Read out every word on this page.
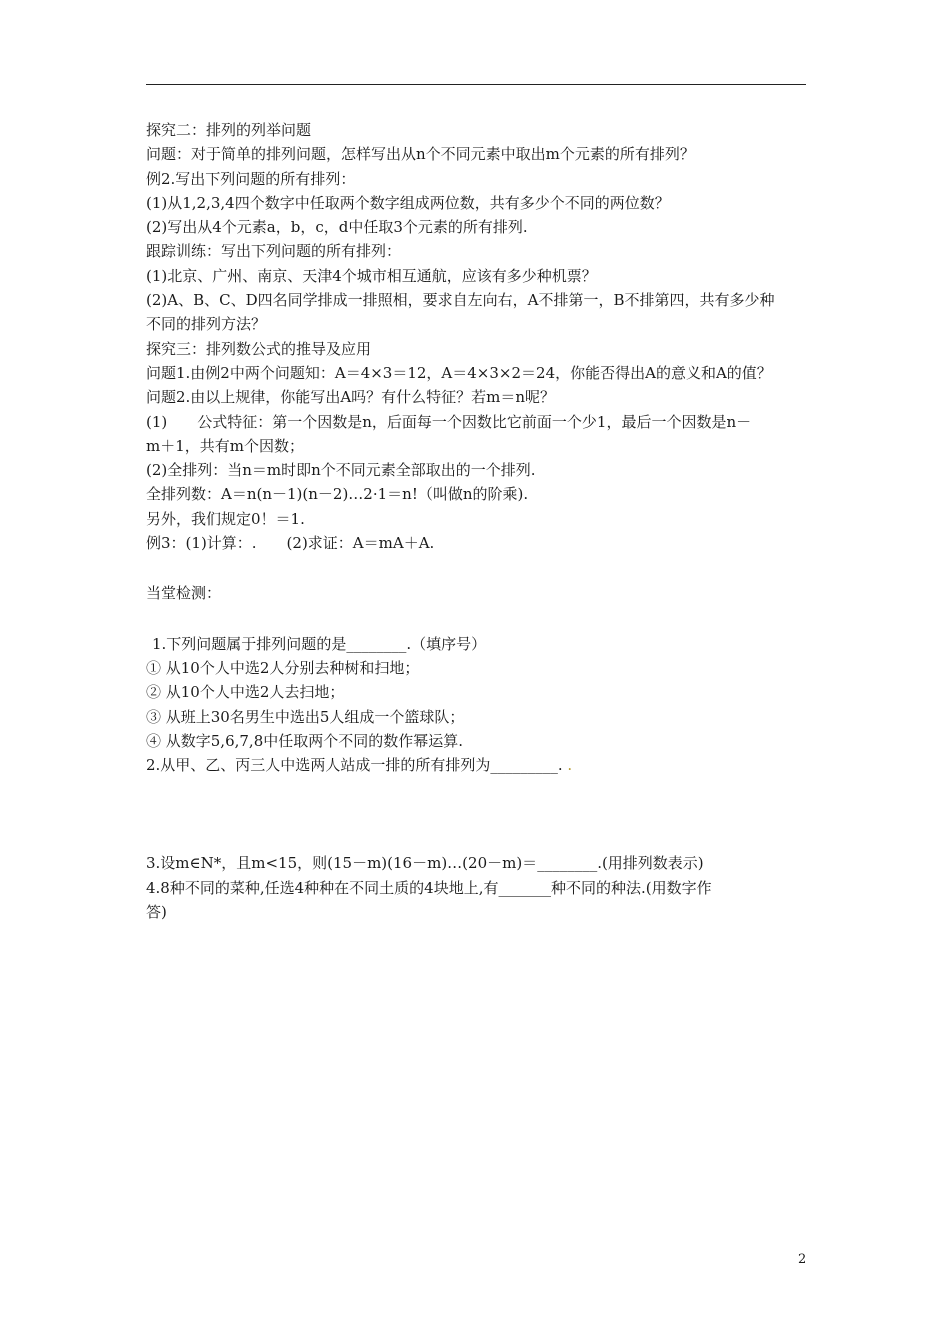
探究二：排列的列举问题
问题：对于简单的排列问题，怎样写出从n个不同元素中取出m个元素的所有排列？
例2.写出下列问题的所有排列：
(1)从1,2,3,4四个数字中任取两个数字组成两位数，共有多少个不同的两位数？
(2)写出从4个元素a，b，c，d中任取3个元素的所有排列.
跟踪训练：写出下列问题的所有排列：
(1)北京、广州、南京、天津4个城市相互通航，应该有多少种机票？
(2)A、B、C、D四名同学排成一排照相，要求自左向右，A不排第一，B不排第四，共有多少种
不同的排列方法？
探究三：排列数公式的推导及应用
问题1.由例2中两个问题知：A＝4×3＝12，A＝4×3×2＝24，你能否得出A的意义和A的值？
问题2.由以上规律，你能写出A吗？有什么特征？若m＝n呢？
(1)　　公式特征：第一个因数是n，后面每一个因数比它前面一个少1，最后一个因数是n－
m＋1，共有m个因数；
(2)全排列：当n＝m时即n个不同元素全部取出的一个排列.
全排列数：A＝n(n－1)(n－2)…2·1＝n!（叫做n的阶乘).
另外，我们规定0！＝1.
例3：(1)计算：.　　(2)求证：A＝mA＋A.
当堂检测：
1.下列问题属于排列问题的是________.（填序号）
① 从10个人中选2人分别去种树和扫地；
② 从10个人中选2人去扫地；
③ 从班上30名男生中选出5人组成一个篮球队；
④ 从数字5,6,7,8中任取两个不同的数作幂运算.
2.从甲、乙、丙三人中选两人站成一排的所有排列为_________. .
3.设m∈N*，且m<15，则(15－m)(16－m)…(20－m)＝________.(用排列数表示)
4.8种不同的菜种,任选4种种在不同土质的4块地上,有_______种不同的种法.(用数字作
答)
2
